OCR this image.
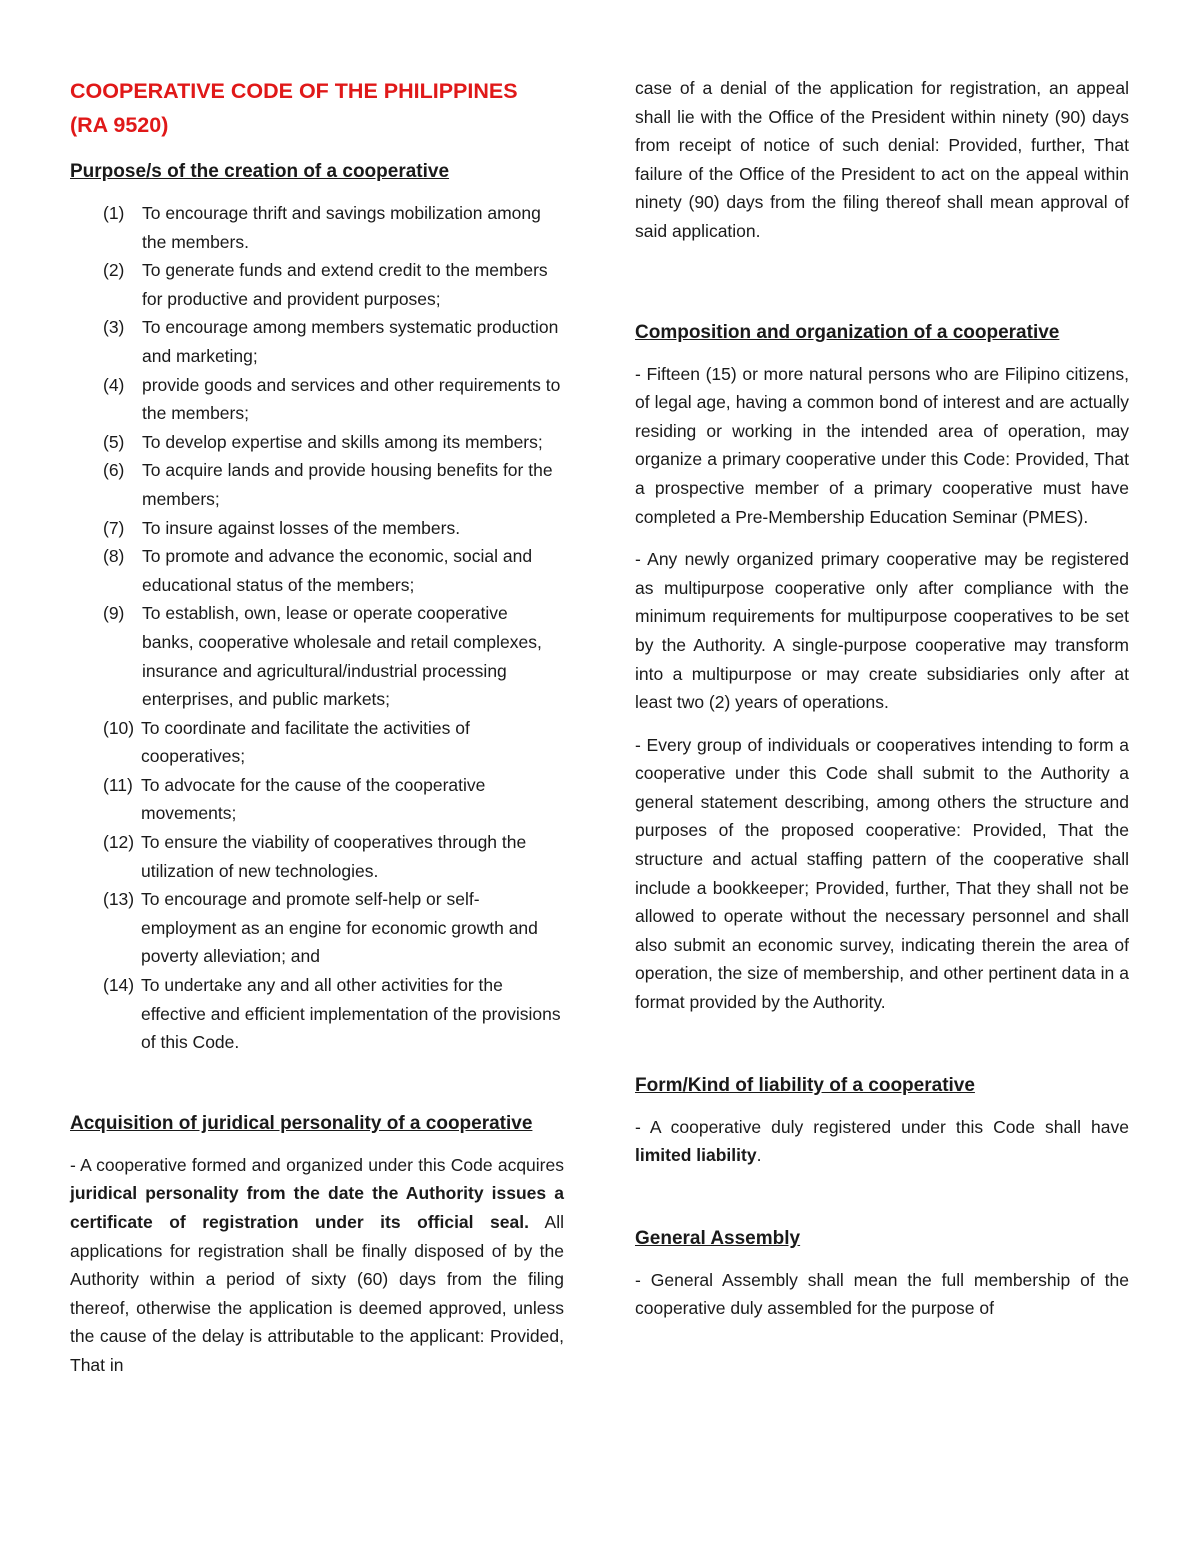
COOPERATIVE CODE OF THE PHILIPPINES
(RA 9520)
Purpose/s of the creation of a cooperative
(1) To encourage thrift and savings mobilization among the members.
(2) To generate funds and extend credit to the members for productive and provident purposes;
(3) To encourage among members systematic production and marketing;
(4) provide goods and services and other requirements to the members;
(5) To develop expertise and skills among its members;
(6) To acquire lands and provide housing benefits for the members;
(7) To insure against losses of the members.
(8) To promote and advance the economic, social and educational status of the members;
(9) To establish, own, lease or operate cooperative banks, cooperative wholesale and retail complexes, insurance and agricultural/industrial processing enterprises, and public markets;
(10) To coordinate and facilitate the activities of cooperatives;
(11) To advocate for the cause of the cooperative movements;
(12) To ensure the viability of cooperatives through the utilization of new technologies.
(13) To encourage and promote self-help or self-employment as an engine for economic growth and poverty alleviation; and
(14) To undertake any and all other activities for the effective and efficient implementation of the provisions of this Code.
Acquisition of juridical personality of a cooperative

- A cooperative formed and organized under this Code acquires juridical personality from the date the Authority issues a certificate of registration under its official seal. All applications for registration shall be finally disposed of by the Authority within a period of sixty (60) days from the filing thereof, otherwise the application is deemed approved, unless the cause of the delay is attributable to the applicant: Provided, That in

case of a denial of the application for registration, an appeal shall lie with the Office of the President within ninety (90) days from receipt of notice of such denial: Provided, further, That failure of the Office of the President to act on the appeal within ninety (90) days from the filing thereof shall mean approval of said application.

Composition and organization of a cooperative

- Fifteen (15) or more natural persons who are Filipino citizens, of legal age, having a common bond of interest and are actually residing or working in the intended area of operation, may organize a primary cooperative under this Code: Provided, That a prospective member of a primary cooperative must have completed a Pre-Membership Education Seminar (PMES).

- Any newly organized primary cooperative may be registered as multipurpose cooperative only after compliance with the minimum requirements for multipurpose cooperatives to be set by the Authority. A single-purpose cooperative may transform into a multipurpose or may create subsidiaries only after at least two (2) years of operations.

- Every group of individuals or cooperatives intending to form a cooperative under this Code shall submit to the Authority a general statement describing, among others the structure and purposes of the proposed cooperative: Provided, That the structure and actual staffing pattern of the cooperative shall include a bookkeeper; Provided, further, That they shall not be allowed to operate without the necessary personnel and shall also submit an economic survey, indicating therein the area of operation, the size of membership, and other pertinent data in a format provided by the Authority.

Form/Kind of liability of a cooperative

- A cooperative duly registered under this Code shall have limited liability.

General Assembly

- General Assembly shall mean the full membership of the cooperative duly assembled for the purpose of
